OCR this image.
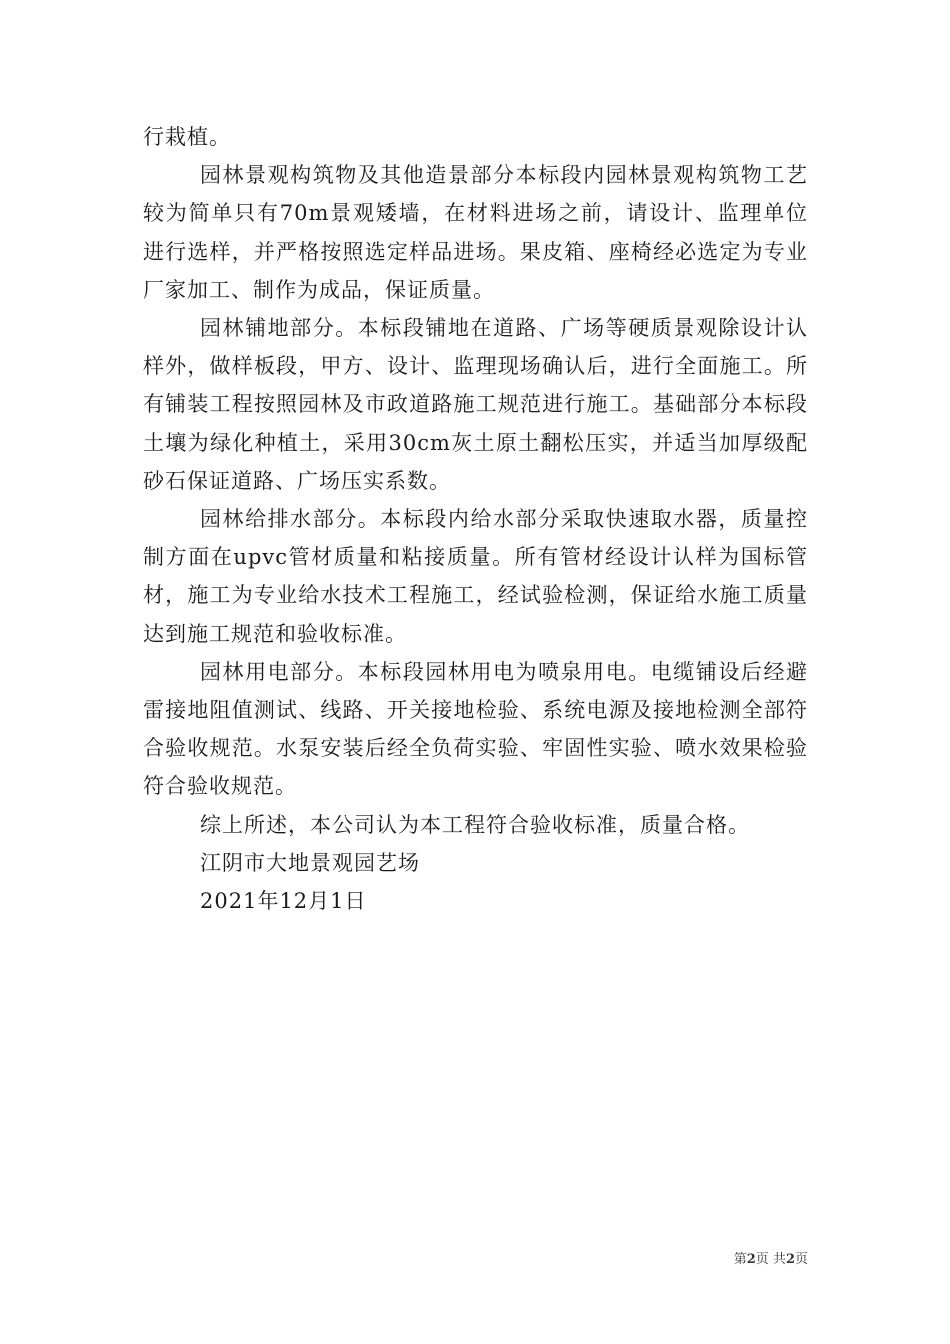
行栽植。

园林景观构筑物及其他造景部分本标段内园林景观构筑物工艺较为简单只有70m景观矮墙，在材料进场之前，请设计、监理单位进行选样，并严格按照选定样品进场。果皮箱、座椅经必选定为专业厂家加工、制作为成品，保证质量。

园林铺地部分。本标段铺地在道路、广场等硬质景观除设计认样外，做样板段，甲方、设计、监理现场确认后，进行全面施工。所有铺装工程按照园林及市政道路施工规范进行施工。基础部分本标段土壤为绿化种植土，采用30cm灰土原土翻松压实，并适当加厚级配砂石保证道路、广场压实系数。

园林给排水部分。本标段内给水部分采取快速取水器，质量控制方面在upvc管材质量和粘接质量。所有管材经设计认样为国标管材，施工为专业给水技术工程施工，经试验检测，保证给水施工质量达到施工规范和验收标准。

园林用电部分。本标段园林用电为喷泉用电。电缆铺设后经避雷接地阻值测试、线路、开关接地检验、系统电源及接地检测全部符合验收规范。水泵安装后经全负荷实验、牢固性实验、喷水效果检验符合验收规范。

综上所述，本公司认为本工程符合验收标准，质量合格。

江阴市大地景观园艺场

2021年12月1日

第2页 共2页
